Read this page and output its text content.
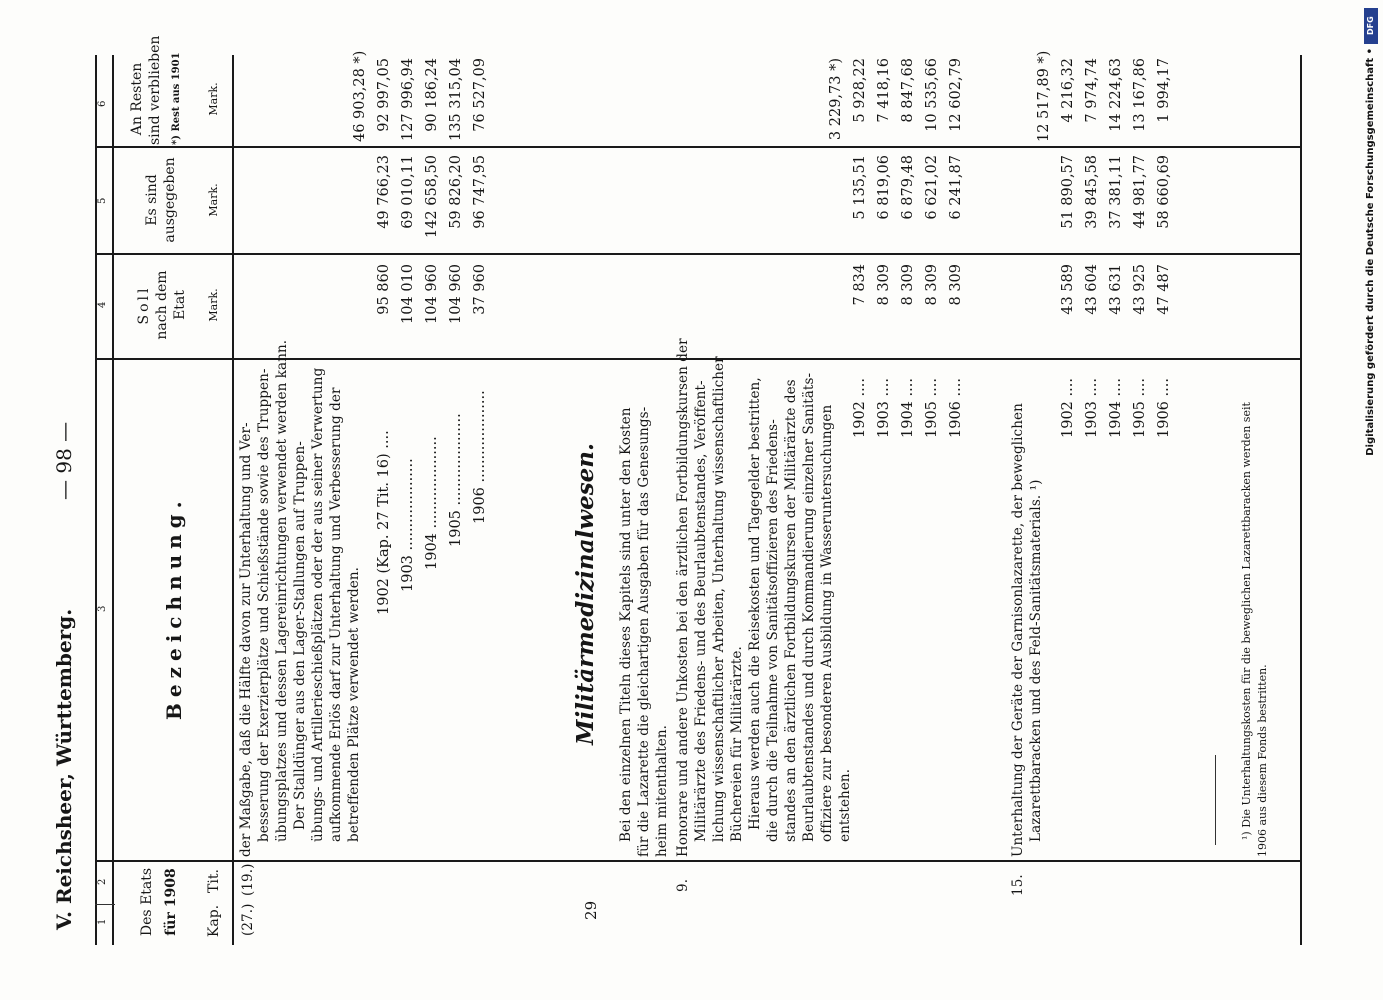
V. Reichsheer, Württemberg.
— 98 —
1
2
3
4
5
6
Des Etats für 1908 Kap.
Tit.
Bezeichnung.
Soll nach dem Etat Mark.
Es sind ausgegeben	Mark.
An Resten sind verblieben *) Rest aus 1901	Mark.
(27.)
(19.)
der Maßgabe, daß die Hälfte davon zur Unterhaltung und Ver- besserung der Exerzierplätze und Schießstände sowie des Truppen- übungsplatzes und dessen Lagereinrichtungen verwendet werden kann. Der Stalldünger aus den Lager-Stallungen auf Truppen- übungs- und Artillerieschießplätzen oder der aus seiner Verwertung aufkommende Erlös darf zur Unterhaltung und Verbesserung der betreffenden Plätze verwendet werden.
46 903,28 *)
1902 (Kap. 27 Tit. 16) ....
95 860
49 766,23
92 997,05
1903 ....................
104 010
69 010,11
127 996,94
1904 ....................
104 960
142 658,50
90 186,24
1905 ....................
104 960
59 826,20
135 315,04
1906 ....................
37 960
96 747,95
76 527,09
29
Militärmedizinalwesen. Bei den einzelnen Titeln dieses Kapitels sind unter den Kosten für die Lazarette die gleichartigen Ausgaben für das Genesungs- heim mitenthalten.
9.
Honorare und andere Unkosten bei den ärztlichen Fortbildungskursen der Militärärzte des Friedens- und des Beurlaubtenstandes, Veröffent- lichung wissenschaftlicher Arbeiten, Unterhaltung wissenschaftlicher Büchereien für Militärärzte. Hieraus werden auch die Reisekosten und Tagegelder bestritten, die durch die Teilnahme von Sanitätsoffizieren des Friedens- standes an den ärztlichen Fortbildungskursen der Militärärzte des Beurlaubtenstandes und durch Kommandierung einzelner Sanitäts- offiziere zur besonderen Ausbildung in Wasseruntersuchungen entstehen.
3 229,73 *)
1902 ....
7 834
5 135,51
5 928,22
1903 ....
8 309
6 819,06
7 418,16
1904 ....
8 309
6 879,48
8 847,68
1905 ....
8 309
6 621,02
10 535,66
1906 ....
8 309
6 241,87
12 602,79
15.
Unterhaltung der Geräte der Garnisonlazarette, der beweglichen Lazarettbaracken und des Feld-Sanitätsmaterials. ¹)
12 517,89 *)
1902 ....
43 589
51 890,57
4 216,32
1903 ....
43 604
39 845,58
7 974,74
1904 ....
43 631
37 381,11
14 224,63
1905 ....
43 925
44 981,77
13 167,86
1906 ....
47 487
58 660,69
1 994,17
¹) Die Unterhaltungskosten für die beweglichen Lazarettbaracken werden seit 1906 aus diesem Fonds bestritten.
DFG
Digitalisierung gefördert durch die Deutsche Forschungsgemeinschaft •
